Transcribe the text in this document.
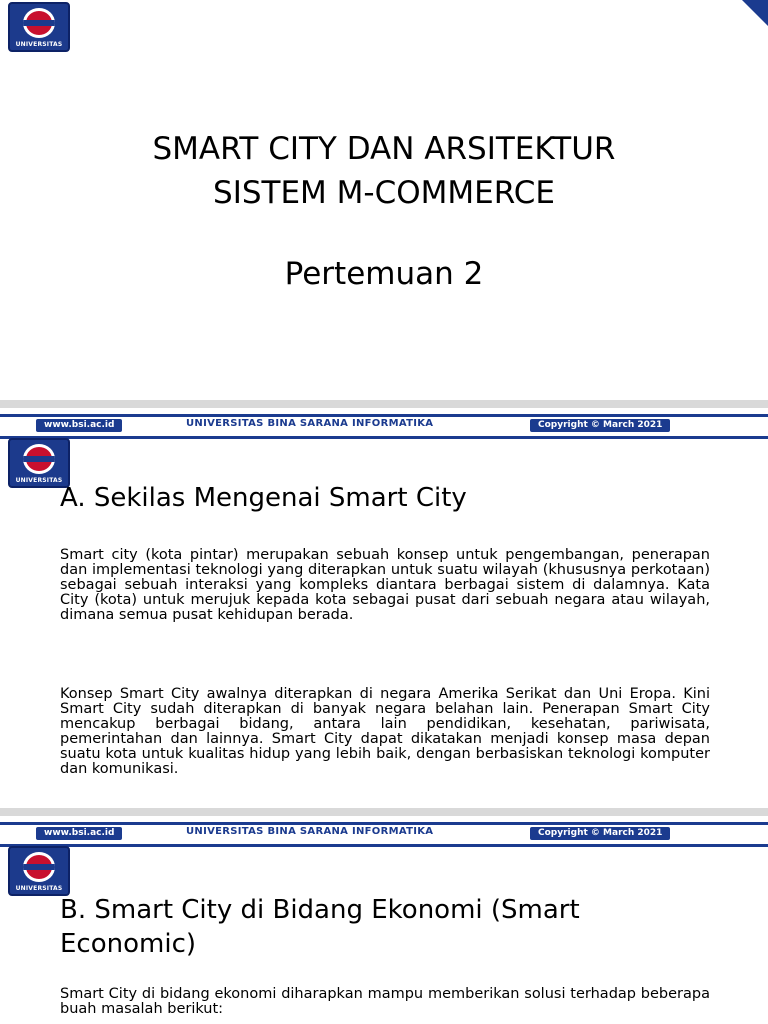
UNIVERSITAS
SMART CITY DAN ARSITEKTUR
SISTEM M-COMMERCE
Pertemuan 2
www.bsi.ac.id	UNIVERSITAS BINA SARANA INFORMATIKA	Copyright © March 2021
UNIVERSITAS
A. Sekilas Mengenai Smart City
Smart city (kota pintar) merupakan sebuah konsep untuk pengembangan, penerapan dan implementasi teknologi yang diterapkan untuk suatu wilayah (khususnya perkotaan) sebagai sebuah interaksi yang kompleks diantara berbagai sistem di dalamnya. Kata City (kota) untuk merujuk kepada kota sebagai pusat dari sebuah negara atau wilayah, dimana semua pusat kehidupan berada.
Konsep Smart City awalnya diterapkan di negara Amerika Serikat dan Uni Eropa. Kini Smart City sudah diterapkan di banyak negara belahan lain. Penerapan Smart City mencakup berbagai bidang, antara lain pendidikan, kesehatan, pariwisata, pemerintahan dan lainnya. Smart City dapat dikatakan menjadi konsep masa depan suatu kota untuk kualitas hidup yang lebih baik, dengan berbasiskan teknologi komputer dan komunikasi.
www.bsi.ac.id	UNIVERSITAS BINA SARANA INFORMATIKA	Copyright © March 2021
UNIVERSITAS
B. Smart City di Bidang Ekonomi (Smart
Economic)
Smart City di bidang ekonomi diharapkan mampu memberikan solusi terhadap beberapa buah masalah berikut:
